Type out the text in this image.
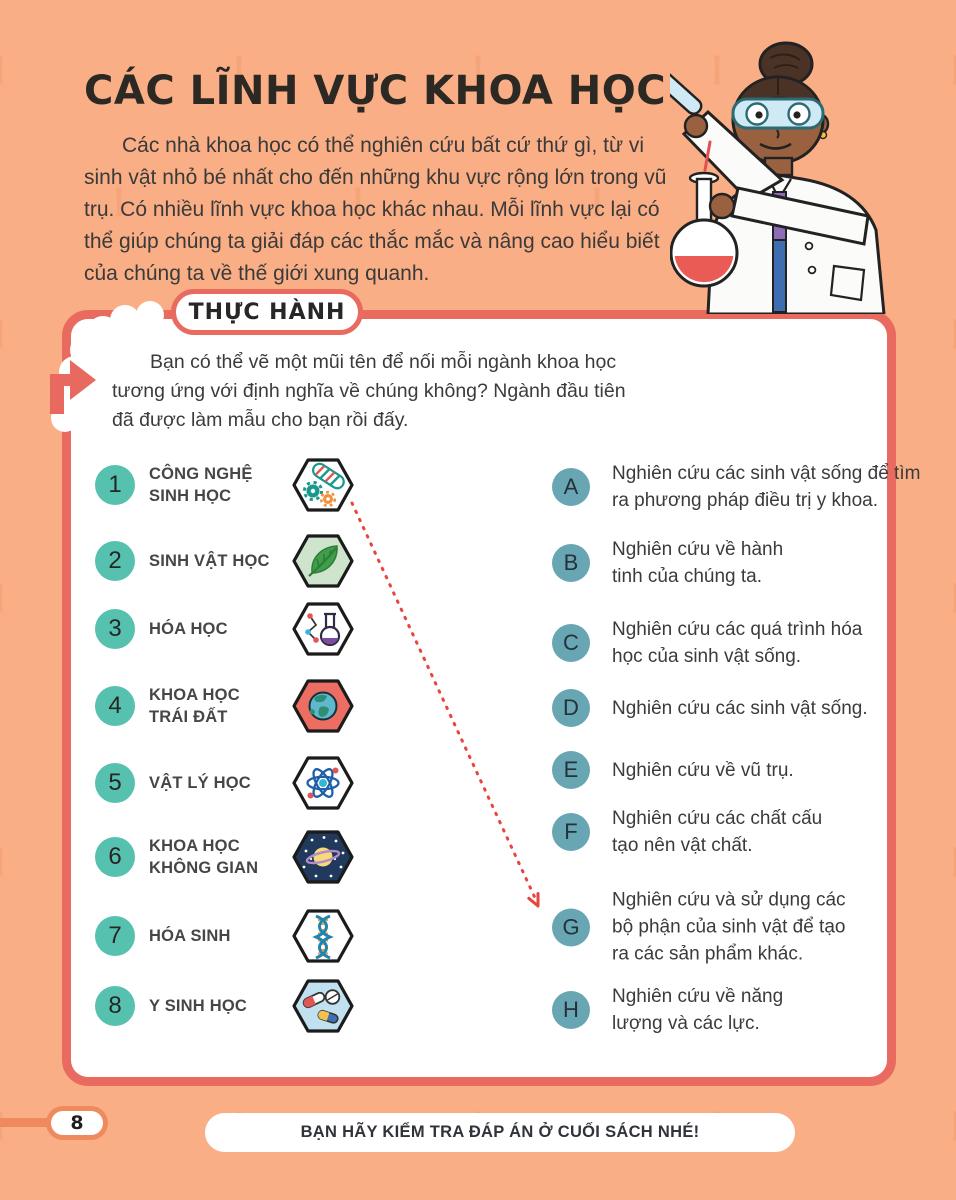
CÁC LĨNH VỰC KHOA HỌC
Các nhà khoa học có thể nghiên cứu bất cứ thứ gì, từ vi sinh vật nhỏ bé nhất cho đến những khu vực rộng lớn trong vũ trụ. Có nhiều lĩnh vực khoa học khác nhau. Mỗi lĩnh vực lại có thể giúp chúng ta giải đáp các thắc mắc và nâng cao hiểu biết của chúng ta về thế giới xung quanh.
THỰC HÀNH
Bạn có thể vẽ một mũi tên để nối mỗi ngành khoa học tương ứng với định nghĩa về chúng không? Ngành đầu tiên đã được làm mẫu cho bạn rồi đấy.
1	CÔNG NGHỆ SINH HỌC
2	SINH VẬT HỌC
3	HÓA HỌC
4	KHOA HỌC TRÁI ĐẤT
5	VẬT LÝ HỌC
6	KHOA HỌC KHÔNG GIAN
7	HÓA SINH
8	Y SINH HỌC
A
Nghiên cứu các sinh vật sống để tìm ra phương pháp điều trị y khoa.
B
Nghiên cứu về hành tinh của chúng ta.
C
Nghiên cứu các quá trình hóa học của sinh vật sống.
D	Nghiên cứu các sinh vật sống.
E	Nghiên cứu về vũ trụ.
F
Nghiên cứu các chất cấu tạo nên vật chất.
G
Nghiên cứu và sử dụng các bộ phận của sinh vật để tạo ra các sản phẩm khác.
H
Nghiên cứu về năng lượng và các lực.
8	BẠN HÃY KIỂM TRA ĐÁP ÁN Ở CUỐI SÁCH NHÉ!
